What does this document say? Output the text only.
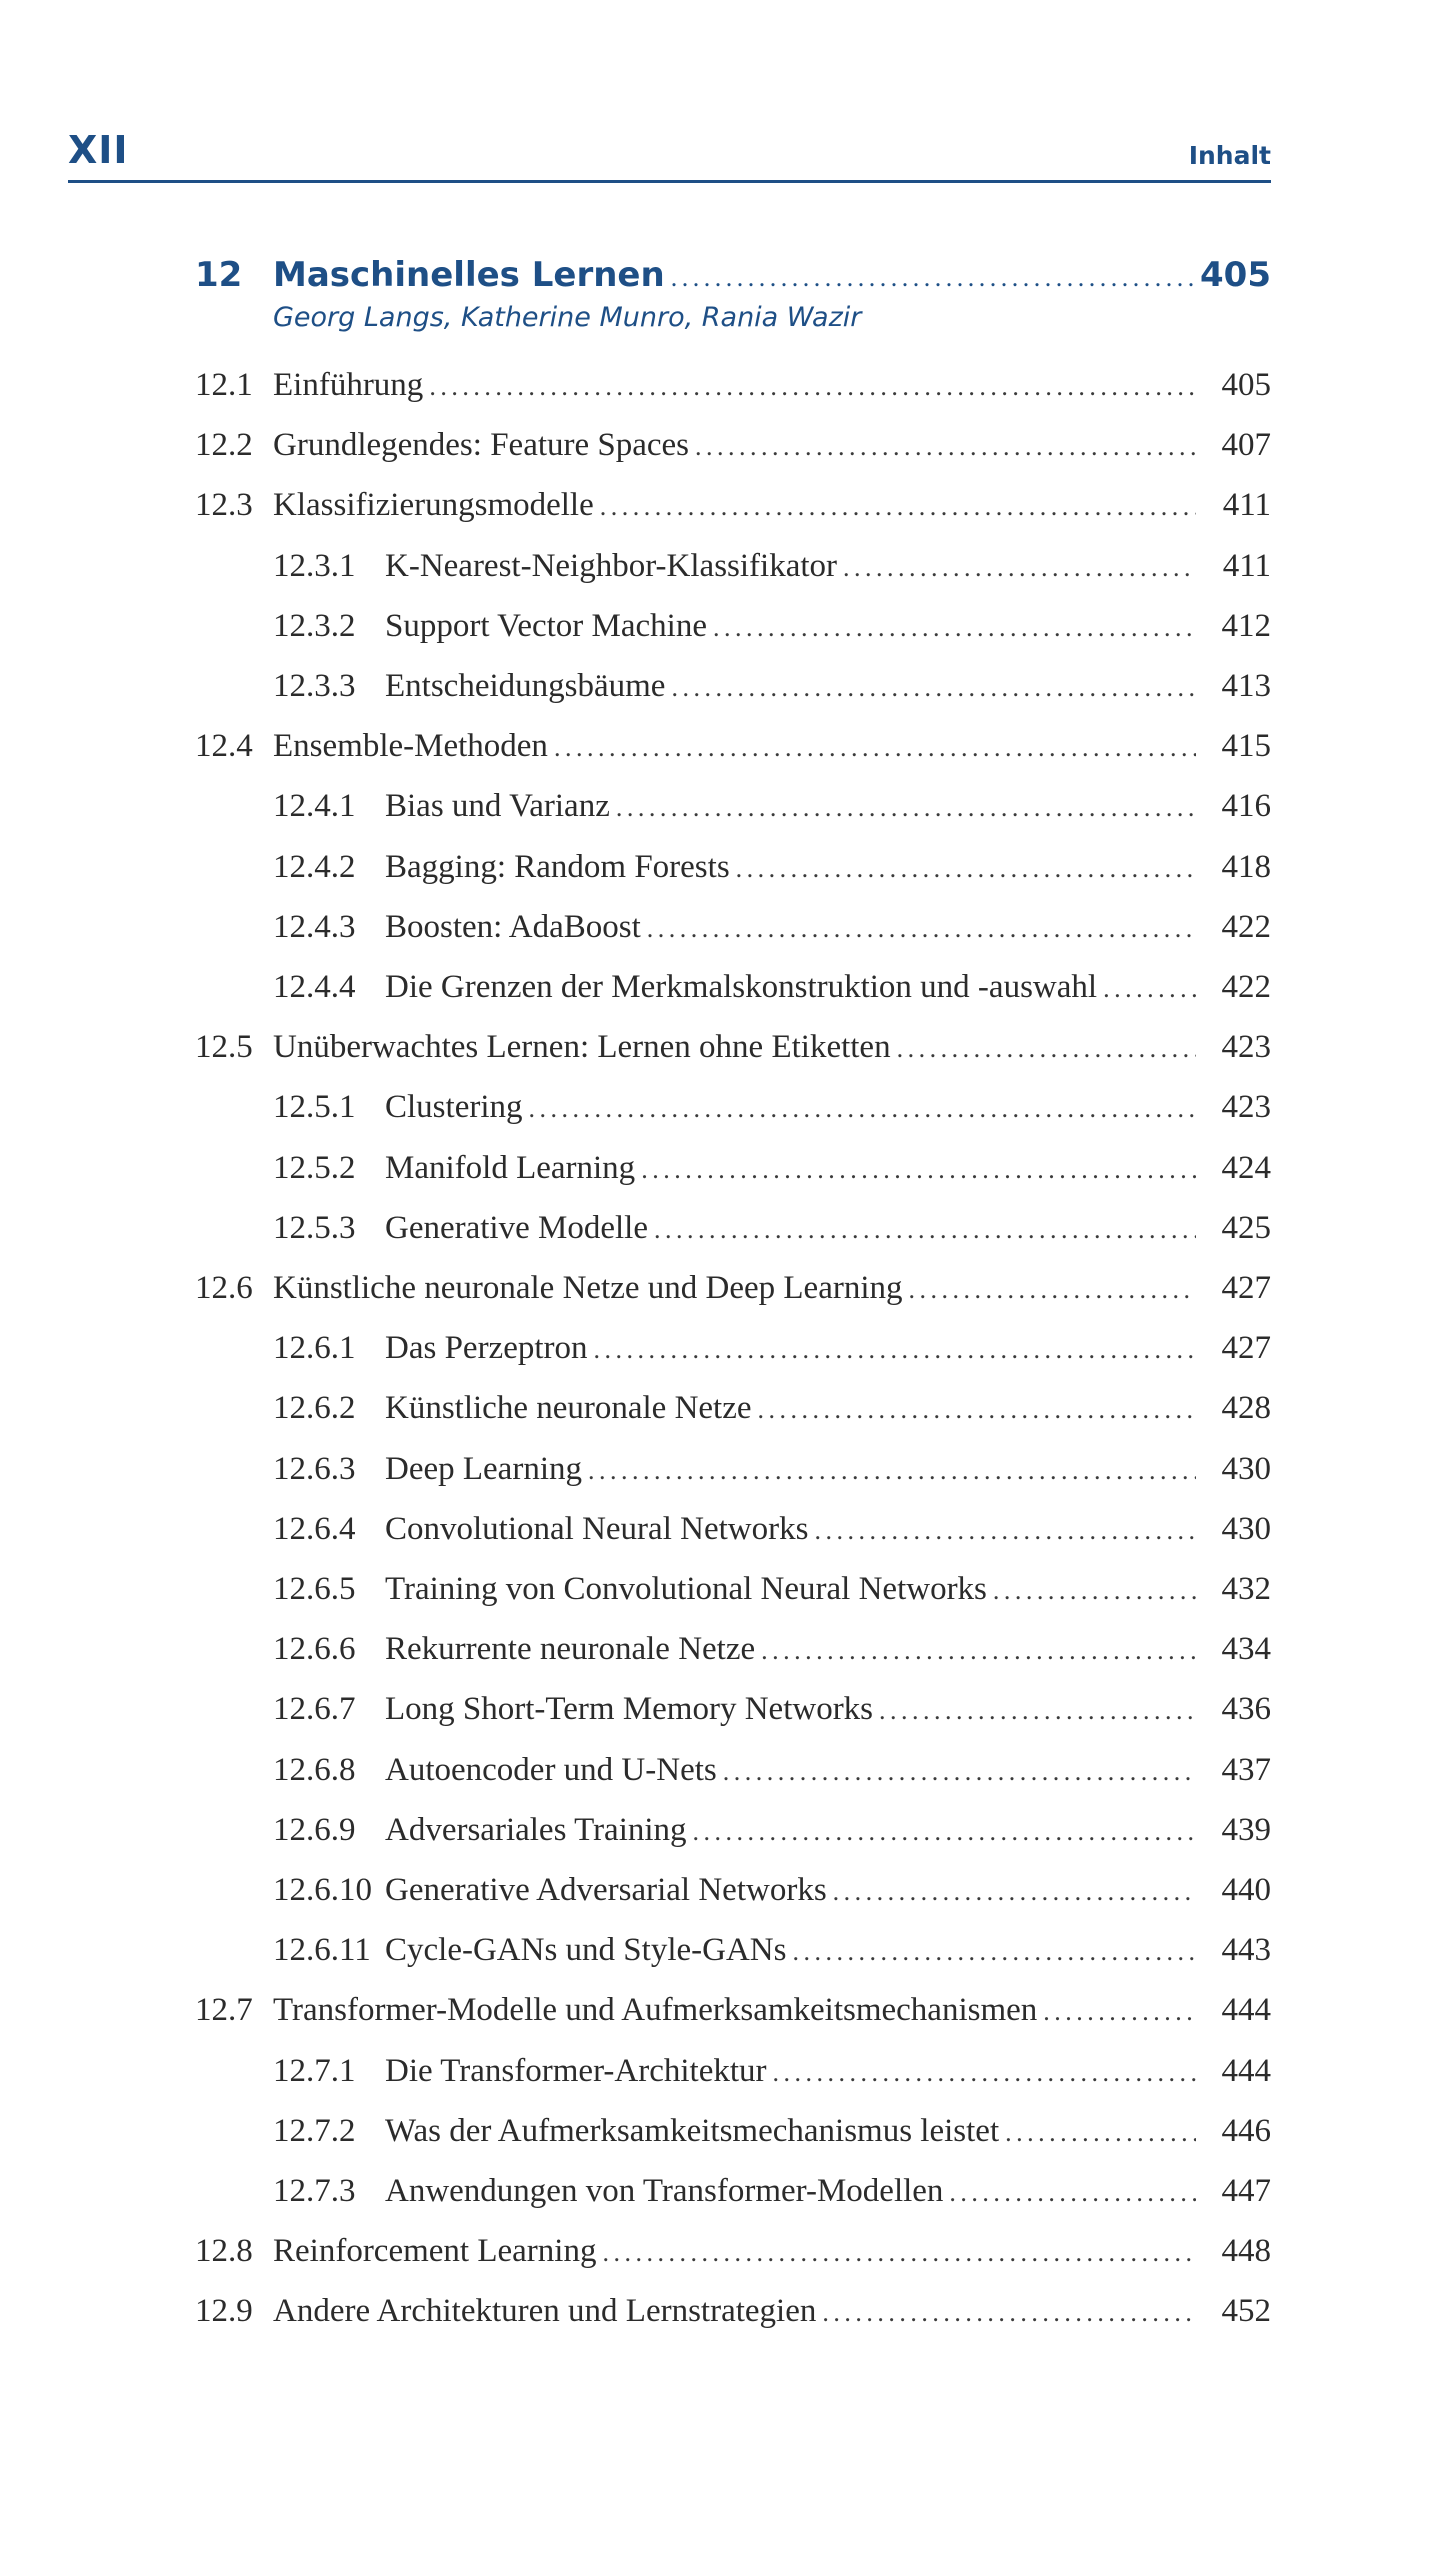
XII	Inhalt
12 Maschinelles Lernen . . .	405
Georg Langs, Katherine Munro, Rania Wazir
12.1 Einführung . . .	405
12.2 Grundlegendes: Feature Spaces . . .	407
12.3 Klassifizierungsmodelle . . .	411
12.3.1 K-Nearest-Neighbor-Klassifikator . . .	411
12.3.2 Support Vector Machine . . .	412
12.3.3 Entscheidungsbäume . . .	413
12.4 Ensemble-Methoden . . .	415
12.4.1 Bias und Varianz . . .	416
12.4.2 Bagging: Random Forests . . .	418
12.4.3 Boosten: AdaBoost . . .	422
12.4.4 Die Grenzen der Merkmalskonstruktion und -auswahl . . .	422
12.5 Unüberwachtes Lernen: Lernen ohne Etiketten . . .	423
12.5.1 Clustering . . .	423
12.5.2 Manifold Learning . . .	424
12.5.3 Generative Modelle . . .	425
12.6 Künstliche neuronale Netze und Deep Learning . . .	427
12.6.1 Das Perzeptron . . .	427
12.6.2 Künstliche neuronale Netze . . .	428
12.6.3 Deep Learning . . .	430
12.6.4 Convolutional Neural Networks . . .	430
12.6.5 Training von Convolutional Neural Networks . . .	432
12.6.6 Rekurrente neuronale Netze . . .	434
12.6.7 Long Short-Term Memory Networks . . .	436
12.6.8 Autoencoder und U-Nets . . .	437
12.6.9 Adversariales Training . . .	439
12.6.10 Generative Adversarial Networks . . .	440
12.6.11 Cycle-GANs und Style-GANs . . .	443
12.7 Transformer-Modelle und Aufmerksamkeitsmechanismen . . .	444
12.7.1 Die Transformer-Architektur . . .	444
12.7.2 Was der Aufmerksamkeitsmechanismus leistet . . .	446
12.7.3 Anwendungen von Transformer-Modellen . . .	447
12.8 Reinforcement Learning . . .	448
12.9 Andere Architekturen und Lernstrategien . . .	452
